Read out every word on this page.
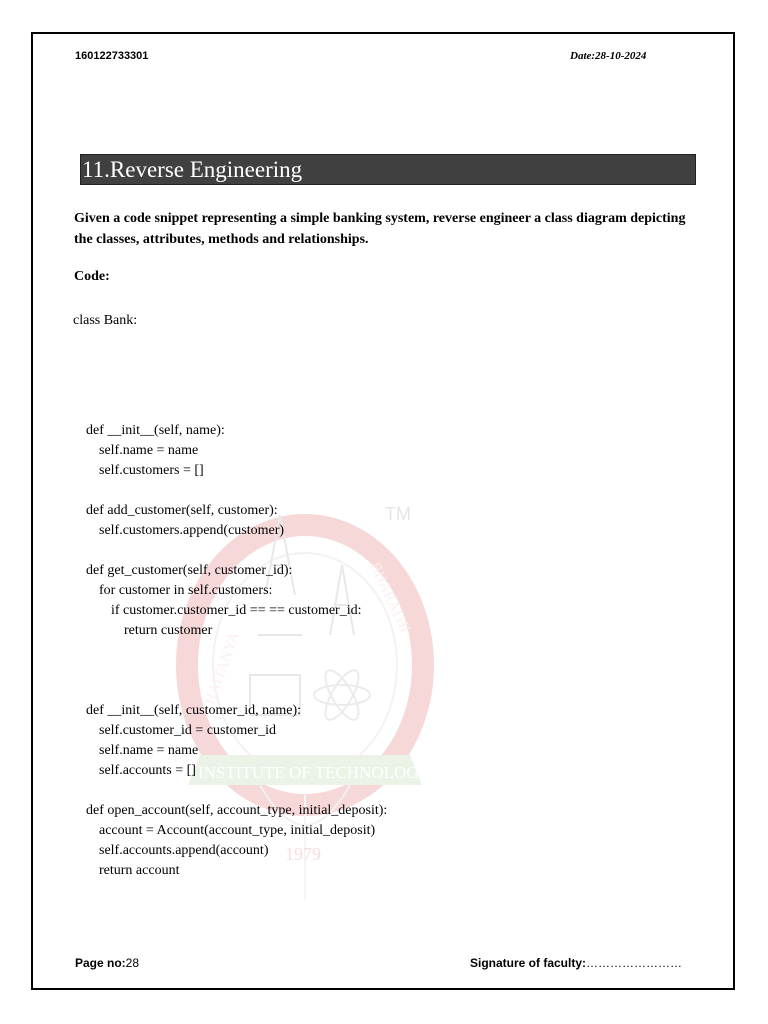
TM
INSTITUTE OF TECHNOLOGY
1979
CHAITANYA
BHARATHI
160122733301	Date:28-10-2024
11.Reverse Engineering
Given a code snippet representing a simple banking system, reverse engineer a class diagram depicting the classes, attributes, methods and relationships.
Code:
class Bank:
def __init__(self, name):
self.name = name
self.customers = []
def add_customer(self, customer):
self.customers.append(customer)
def get_customer(self, customer_id):
for customer in self.customers:
if customer.customer_id == == customer_id:
return customer
def __init__(self, customer_id, name):
self.customer_id = customer_id
self.name = name
self.accounts = []
def open_account(self, account_type, initial_deposit):
account = Account(account_type, initial_deposit)
self.accounts.append(account)
return account
Page no:28	Signature of faculty:……………………
